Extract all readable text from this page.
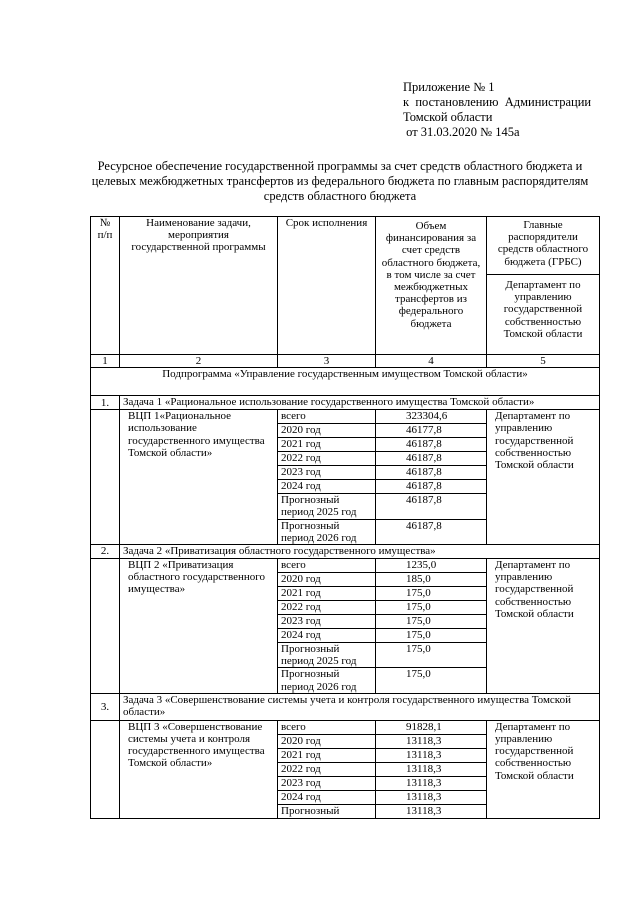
Приложение № 1
к  постановлению  Администрации
Томской области
от 31.03.2020 № 145а
Ресурсное обеспечение государственной программы за счет средств областного бюджета и целевых межбюджетных трансфертов из федерального бюджета по главным распорядителям средств областного бюджета
№ п/п	Наименование задачи, мероприятия государственной программы	Срок исполнения	Объем финансирования за счет средств областного бюджета, в том числе за счет межбюджетных трансфертов из федерального бюджета	Главные распорядители средств областного бюджета (ГРБС)
				Департамент по управлению государственной собственностью Томской области
1	2	3	4	5
Подпрограмма «Управление государственным имуществом Томской области»				
1.	Задача 1 «Рациональное использование государственного имущества Томской области»			
	ВЦП 1«Рациональное использование государственного имущества Томской области»	всего	323304,6	Департамент по управлению государственной собственностью Томской области
		2020 год	46177,8	
		2021 год	46187,8	
		2022 год	46187,8	
		2023 год	46187,8	
		2024 год	46187,8	
		Прогнозный период 2025 год	46187,8	
		Прогнозный период 2026 год	46187,8	
2.	Задача 2 «Приватизация областного государственного имущества»			
	ВЦП 2 «Приватизация областного государственного имущества»	всего	1235,0	Департамент по управлению государственной собственностью Томской области
		2020 год	185,0	
		2021 год	175,0	
		2022 год	175,0	
		2023 год	175,0	
		2024 год	175,0	
		Прогнозный период 2025 год	175,0	
		Прогнозный период 2026 год	175,0	
3.	Задача 3 «Совершенствование системы учета и контроля государственного имущества Томской области»			
	ВЦП 3 «Совершенствование системы учета и контроля государственного имущества Томской области»	всего	91828,1	Департамент по управлению государственной собственностью Томской области
		2020 год	13118,3	
		2021 год	13118,3	
		2022 год	13118,3	
		2023 год	13118,3	
		2024 год	13118,3	
		Прогнозный	13118,3	
